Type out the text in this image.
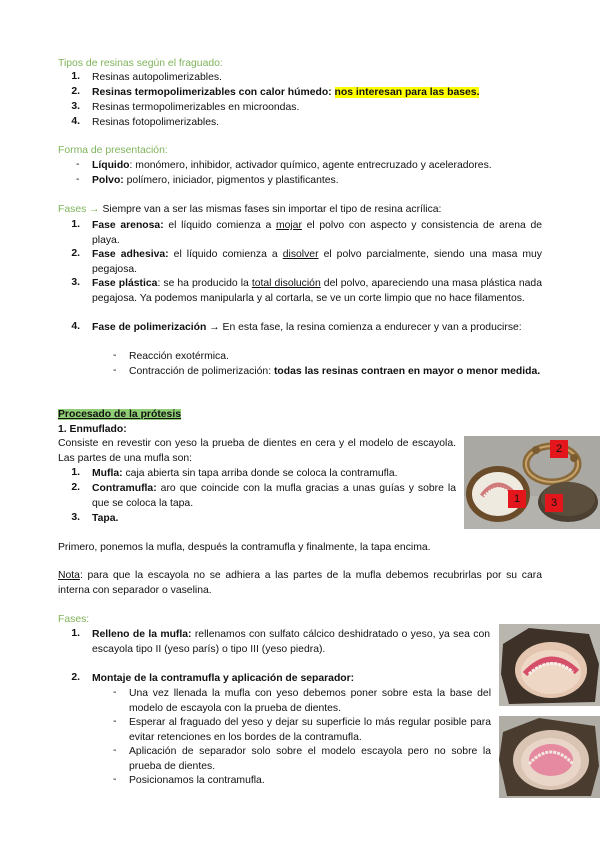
Tipos de resinas según el fraguado:
1. Resinas autopolimerizables.
2. Resinas termopolimerizables con calor húmedo: nos interesan para las bases.
3. Resinas termopolimerizables en microondas.
4. Resinas fotopolimerizables.
Forma de presentación:
- Líquido: monómero, inhibidor, activador químico, agente entrecruzado y aceleradores.
- Polvo: polímero, iniciador, pigmentos y plastificantes.
Fases → Siempre van a ser las mismas fases sin importar el tipo de resina acrílica:
1. Fase arenosa: el líquido comienza a mojar el polvo con aspecto y consistencia de arena de playa.
2. Fase adhesiva: el líquido comienza a disolver el polvo parcialmente, siendo una masa muy pegajosa.
3. Fase plástica: se ha producido la total disolución del polvo, apareciendo una masa plástica nada pegajosa. Ya podemos manipularla y al cortarla, se ve un corte limpio que no hace filamentos.
4. Fase de polimerización → En esta fase, la resina comienza a endurecer y van a producirse:
- Reacción exotérmica.
- Contracción de polimerización: todas las resinas contraen en mayor o menor medida.
Procesado de la prótesis
1. Enmuflado:
Consiste en revestir con yeso la prueba de dientes en cera y el modelo de escayola. Las partes de una mufla son:
1. Mufla: caja abierta sin tapa arriba donde se coloca la contramufla.
2. Contramufla: aro que coincide con la mufla gracias a unas guías y sobre la que se coloca la tapa.
3. Tapa.
2
1	3
Primero, ponemos la mufla, después la contramufla y finalmente, la tapa encima.
Nota: para que la escayola no se adhiera a las partes de la mufla debemos recubrirlas por su cara interna con separador o vaselina.
Fases:
1. Relleno de la mufla: rellenamos con sulfato cálcico deshidratado o yeso, ya sea con escayola tipo II (yeso parís) o tipo III (yeso piedra).
2. Montaje de la contramufla y aplicación de separador:
- Una vez llenada la mufla con yeso debemos poner sobre esta la base del modelo de escayola con la prueba de dientes.
- Esperar al fraguado del yeso y dejar su superficie lo más regular posible para evitar retenciones en los bordes de la contramufla.
- Aplicación de separador solo sobre el modelo escayola pero no sobre la prueba de dientes.
- Posicionamos la contramufla.
